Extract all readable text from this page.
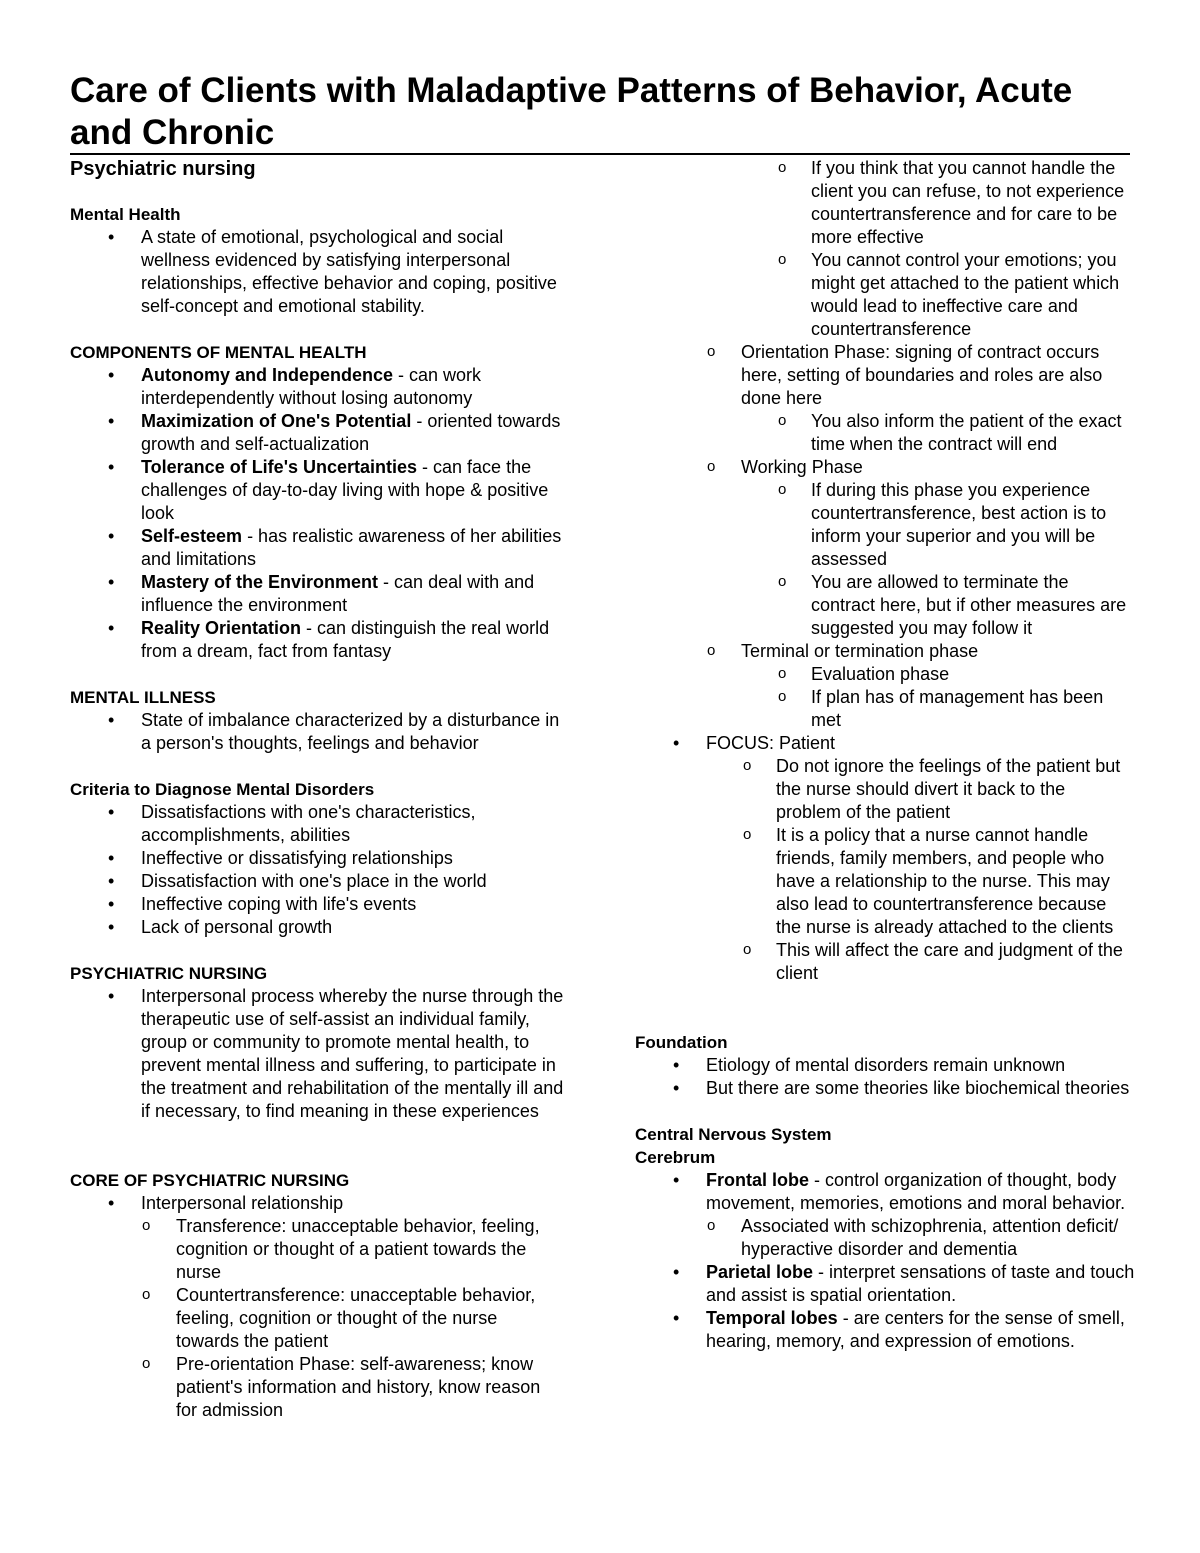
Care of Clients with Maladaptive Patterns of Behavior, Acute and Chronic
Psychiatric nursing
Mental Health
• A state of emotional, psychological and social wellness evidenced by satisfying interpersonal relationships, effective behavior and coping, positive self-concept and emotional stability.
COMPONENTS OF MENTAL HEALTH
• Autonomy and Independence - can work interdependently without losing autonomy
• Maximization of One's Potential - oriented towards growth and self-actualization
• Tolerance of Life's Uncertainties - can face the challenges of day-to-day living with hope & positive look
• Self-esteem - has realistic awareness of her abilities and limitations
• Mastery of the Environment - can deal with and influence the environment
• Reality Orientation - can distinguish the real world from a dream, fact from fantasy
MENTAL ILLNESS
• State of imbalance characterized by a disturbance in a person's thoughts, feelings and behavior
Criteria to Diagnose Mental Disorders
• Dissatisfactions with one's characteristics, accomplishments, abilities
• Ineffective or dissatisfying relationships
• Dissatisfaction with one's place in the world
• Ineffective coping with life's events
• Lack of personal growth
PSYCHIATRIC NURSING
• Interpersonal process whereby the nurse through the therapeutic use of self-assist an individual family, group or community to promote mental health, to prevent mental illness and suffering, to participate in the treatment and rehabilitation of the mentally ill and if necessary, to find meaning in these experiences
CORE OF PSYCHIATRIC NURSING
• Interpersonal relationship
o Transference: unacceptable behavior, feeling, cognition or thought of a patient towards the nurse
o Countertransference: unacceptable behavior, feeling, cognition or thought of the nurse towards the patient
o Pre-orientation Phase: self-awareness; know patient's information and history, know reason for admission
o If you think that you cannot handle the client you can refuse, to not experience countertransference and for care to be more effective
o You cannot control your emotions; you might get attached to the patient which would lead to ineffective care and countertransference
o Orientation Phase: signing of contract occurs here, setting of boundaries and roles are also done here
o You also inform the patient of the exact time when the contract will end
o Working Phase
o If during this phase you experience countertransference, best action is to inform your superior and you will be assessed
o You are allowed to terminate the contract here, but if other measures are suggested you may follow it
o Terminal or termination phase
o Evaluation phase
o If plan has of management has been met
• FOCUS: Patient
o Do not ignore the feelings of the patient but the nurse should divert it back to the problem of the patient
o It is a policy that a nurse cannot handle friends, family members, and people who have a relationship to the nurse. This may also lead to countertransference because the nurse is already attached to the clients
o This will affect the care and judgment of the client
Foundation
• Etiology of mental disorders remain unknown
• But there are some theories like biochemical theories
Central Nervous System
Cerebrum
• Frontal lobe - control organization of thought, body movement, memories, emotions and moral behavior.
o Associated with schizophrenia, attention deficit/ hyperactive disorder and dementia
• Parietal lobe - interpret sensations of taste and touch and assist is spatial orientation.
• Temporal lobes - are centers for the sense of smell, hearing, memory, and expression of emotions.
